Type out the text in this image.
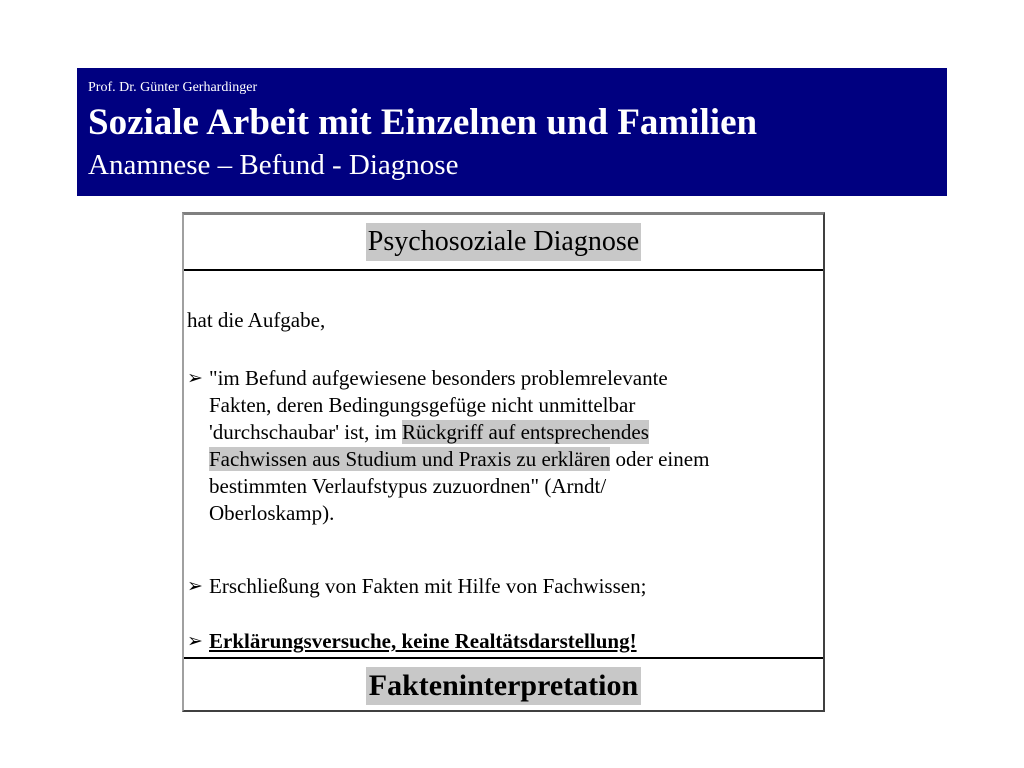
Prof. Dr. Günter Gerhardinger
Soziale Arbeit mit Einzelnen und Familien
Anamnese – Befund - Diagnose
Psychosoziale Diagnose
hat die Aufgabe,
➢ "im Befund aufgewiesene besonders problemrelevante
Fakten, deren Bedingungsgefüge nicht unmittelbar
'durchschaubar' ist, im Rückgriff auf entsprechendes
Fachwissen aus Studium und Praxis zu erklären oder einem
bestimmten Verlaufstypus zuzuordnen" (Arndt/
Oberloskamp).
➢ Erschließung von Fakten mit Hilfe von Fachwissen;
➢ Erklärungsversuche, keine Realtätsdarstellung!
Fakteninterpretation
